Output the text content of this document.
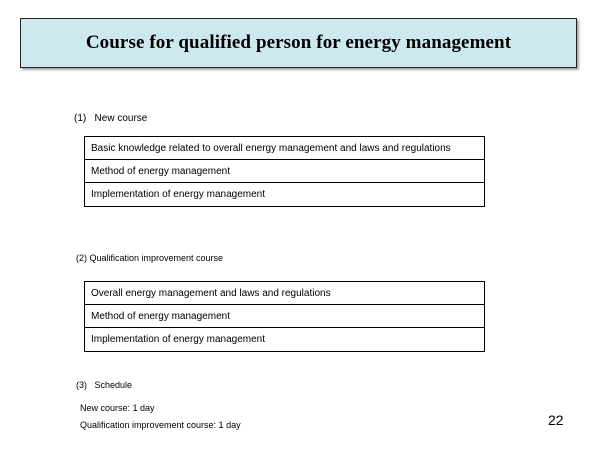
Course for qualified person for energy management
(1)   New course
Basic knowledge related to overall energy management and laws and regulations
Method of energy management
Implementation of energy management
(2) Qualification improvement course
Overall energy management and laws and regulations
Method of energy management
Implementation of energy management
(3)   Schedule
New course: 1 day
Qualification improvement course: 1 day	22
